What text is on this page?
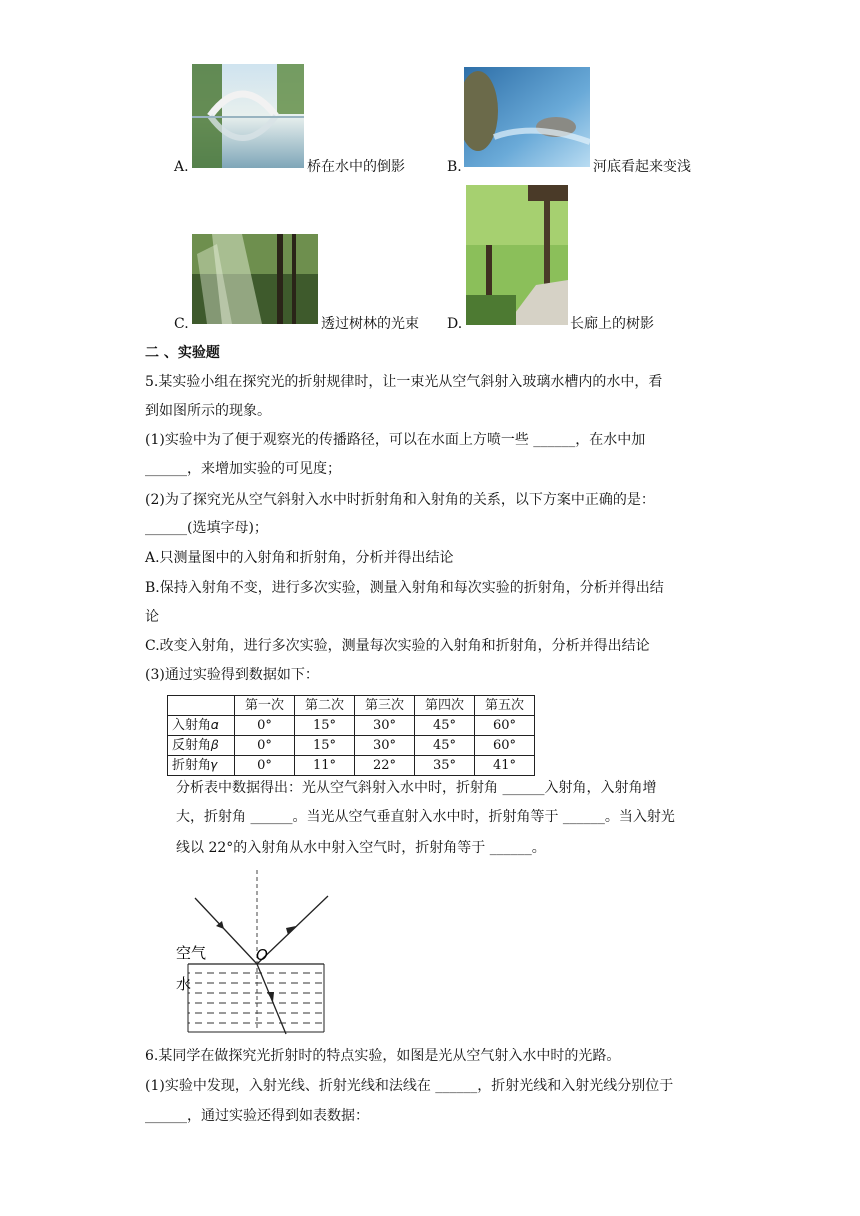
A.	桥在水中的倒影	B.	河底看起来变浅
C.	透过树林的光束 D.	长廊上的树影
二 、实验题
5.某实验小组在探究光的折射规律时，让一束光从空气斜射入玻璃水槽内的水中，看
到如图所示的现象。
(1)实验中为了便于观察光的传播路径，可以在水面上方喷一些 ______，在水中加
______，来增加实验的可见度；
(2)为了探究光从空气斜射入水中时折射角和入射角的关系，以下方案中正确的是：
______(选填字母)；
A.只测量图中的入射角和折射角，分析并得出结论
B.保持入射角不变，进行多次实验，测量入射角和每次实验的折射角，分析并得出结
论
C.改变入射角，进行多次实验，测量每次实验的入射角和折射角，分析并得出结论
(3)通过实验得到数据如下：
	第一次	第二次	第三次	第四次	第五次
入射角𝛼	0°	15°	30°	45°	60°
反射角𝛽	0°	15°	30°	45°	60°
折射角𝛾	0°	11°	22°	35°	41°
分析表中数据得出：光从空气斜射入水中时，折射角 ______入射角，入射角增
大，折射角 ______。当光从空气垂直射入水中时，折射角等于 ______。当入射光
线以 22°的入射角从水中射入空气时，折射角等于 ______。
空气
水
O
6.某同学在做探究光折射时的特点实验，如图是光从空气射入水中时的光路。
(1)实验中发现，入射光线、折射光线和法线在 ______，折射光线和入射光线分别位于
______，通过实验还得到如表数据：
